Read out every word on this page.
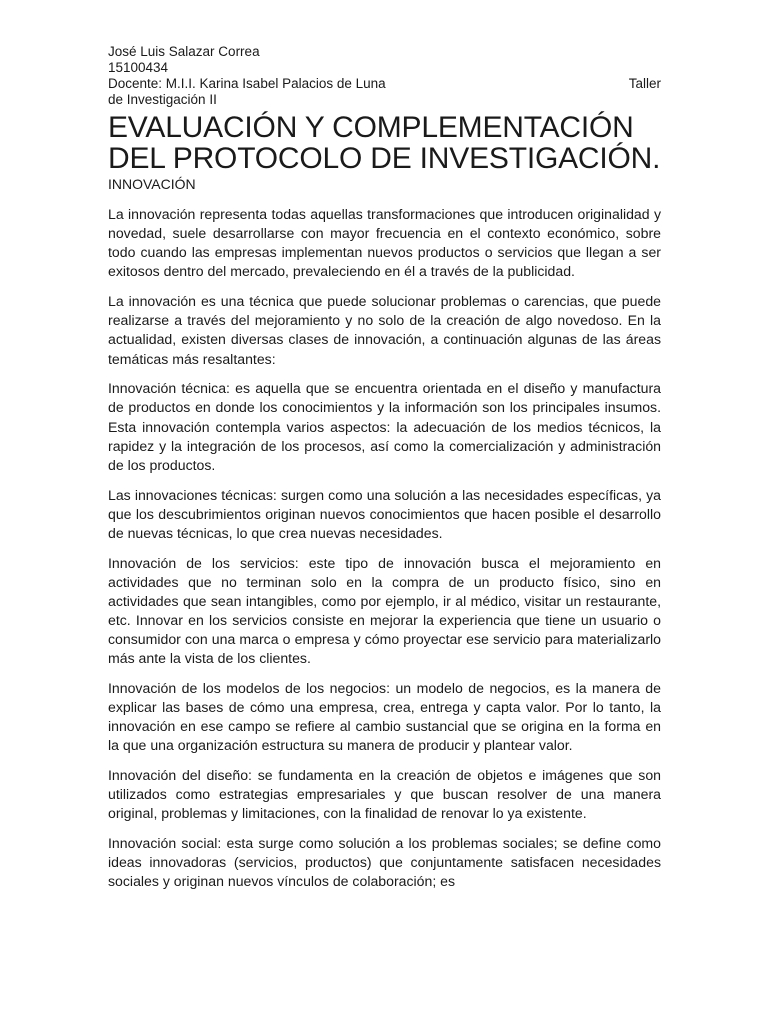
José Luis Salazar Correa
15100434
Docente: M.I.I. Karina Isabel Palacios de Luna	Taller
de Investigación II
EVALUACIÓN Y COMPLEMENTACIÓN
DEL PROTOCOLO DE INVESTIGACIÓN.
INNOVACIÓN

La innovación representa todas aquellas transformaciones que introducen originalidad y novedad, suele desarrollarse con mayor frecuencia en el contexto económico, sobre todo cuando las empresas implementan nuevos productos o servicios que llegan a ser exitosos dentro del mercado, prevaleciendo en él a través de la publicidad.

La innovación es una técnica que puede solucionar problemas o carencias, que puede realizarse a través del mejoramiento y no solo de la creación de algo novedoso. En la actualidad, existen diversas clases de innovación, a continuación algunas de las áreas temáticas más resaltantes:

Innovación técnica: es aquella que se encuentra orientada en el diseño y manufactura de productos en donde los conocimientos y la información son los principales insumos. Esta innovación contempla varios aspectos: la adecuación de los medios técnicos, la rapidez y la integración de los procesos, así como la comercialización y administración de los productos.

Las innovaciones técnicas: surgen como una solución a las necesidades específicas, ya que los descubrimientos originan nuevos conocimientos que hacen posible el desarrollo de nuevas técnicas, lo que crea nuevas necesidades.

Innovación de los servicios: este tipo de innovación busca el mejoramiento en actividades que no terminan solo en la compra de un producto físico, sino en actividades que sean intangibles, como por ejemplo, ir al médico, visitar un restaurante, etc. Innovar en los servicios consiste en mejorar la experiencia que tiene un usuario o consumidor con una marca o empresa y cómo proyectar ese servicio para materializarlo más ante la vista de los clientes.

Innovación de los modelos de los negocios: un modelo de negocios, es la manera de explicar las bases de cómo una empresa, crea, entrega y capta valor. Por lo tanto, la innovación en ese campo se refiere al cambio sustancial que se origina en la forma en la que una organización estructura su manera de producir y plantear valor.

Innovación del diseño: se fundamenta en la creación de objetos e imágenes que son utilizados como estrategias empresariales y que buscan resolver de una manera original, problemas y limitaciones, con la finalidad de renovar lo ya existente.

Innovación social: esta surge como solución a los problemas sociales; se define como ideas innovadoras (servicios, productos) que conjuntamente satisfacen necesidades sociales y originan nuevos vínculos de colaboración; es
